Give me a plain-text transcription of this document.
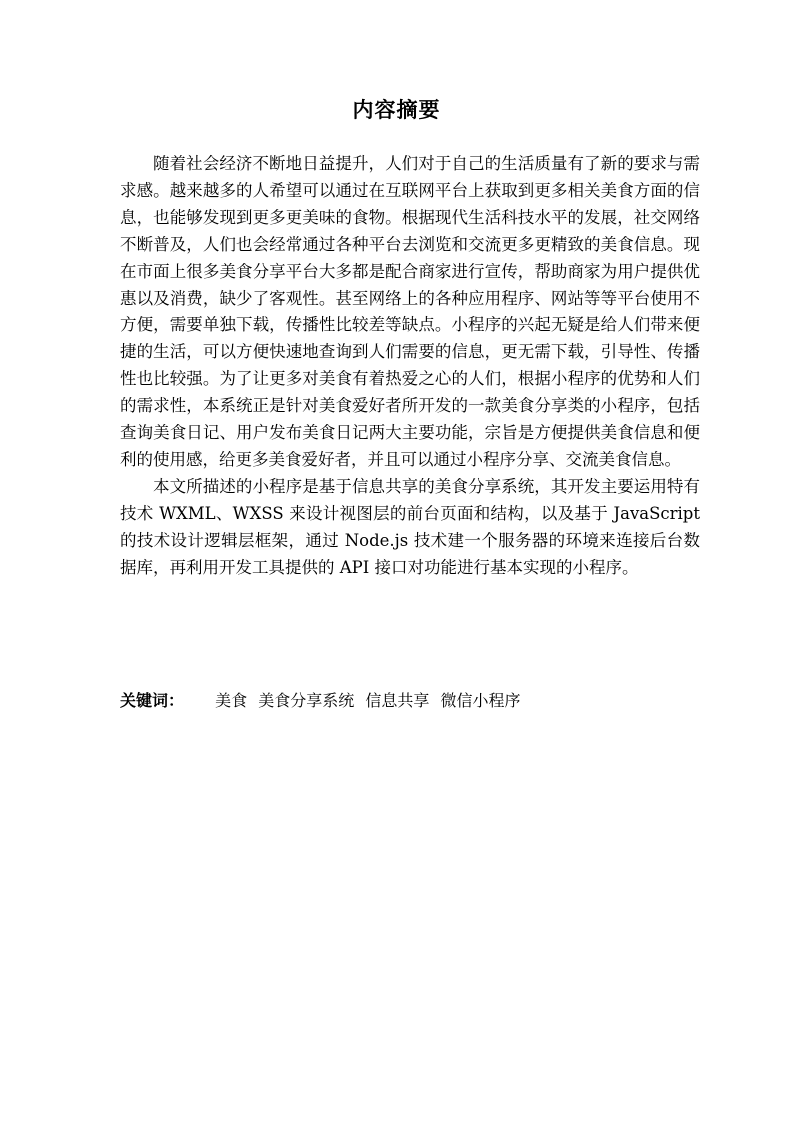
内容摘要

随着社会经济不断地日益提升，人们对于自己的生活质量有了新的要求与需求感。越来越多的人希望可以通过在互联网平台上获取到更多相关美食方面的信息，也能够发现到更多更美味的食物。根据现代生活科技水平的发展，社交网络不断普及，人们也会经常通过各种平台去浏览和交流更多更精致的美食信息。现在市面上很多美食分享平台大多都是配合商家进行宣传，帮助商家为用户提供优惠以及消费，缺少了客观性。甚至网络上的各种应用程序、网站等等平台使用不方便，需要单独下载，传播性比较差等缺点。小程序的兴起无疑是给人们带来便捷的生活，可以方便快速地查询到人们需要的信息，更无需下载，引导性、传播性也比较强。为了让更多对美食有着热爱之心的人们，根据小程序的优势和人们的需求性，本系统正是针对美食爱好者所开发的一款美食分享类的小程序，包括查询美食日记、用户发布美食日记两大主要功能，宗旨是方便提供美食信息和便利的使用感，给更多美食爱好者，并且可以通过小程序分享、交流美食信息。

本文所描述的小程序是基于信息共享的美食分享系统，其开发主要运用特有技术 WXML、WXSS 来设计视图层的前台页面和结构，以及基于 JavaScript 的技术设计逻辑层框架，通过 Node.js 技术建一个服务器的环境来连接后台数据库，再利用开发工具提供的 API 接口对功能进行基本实现的小程序。

关键词： 美食 美食分享系统 信息共享 微信小程序
